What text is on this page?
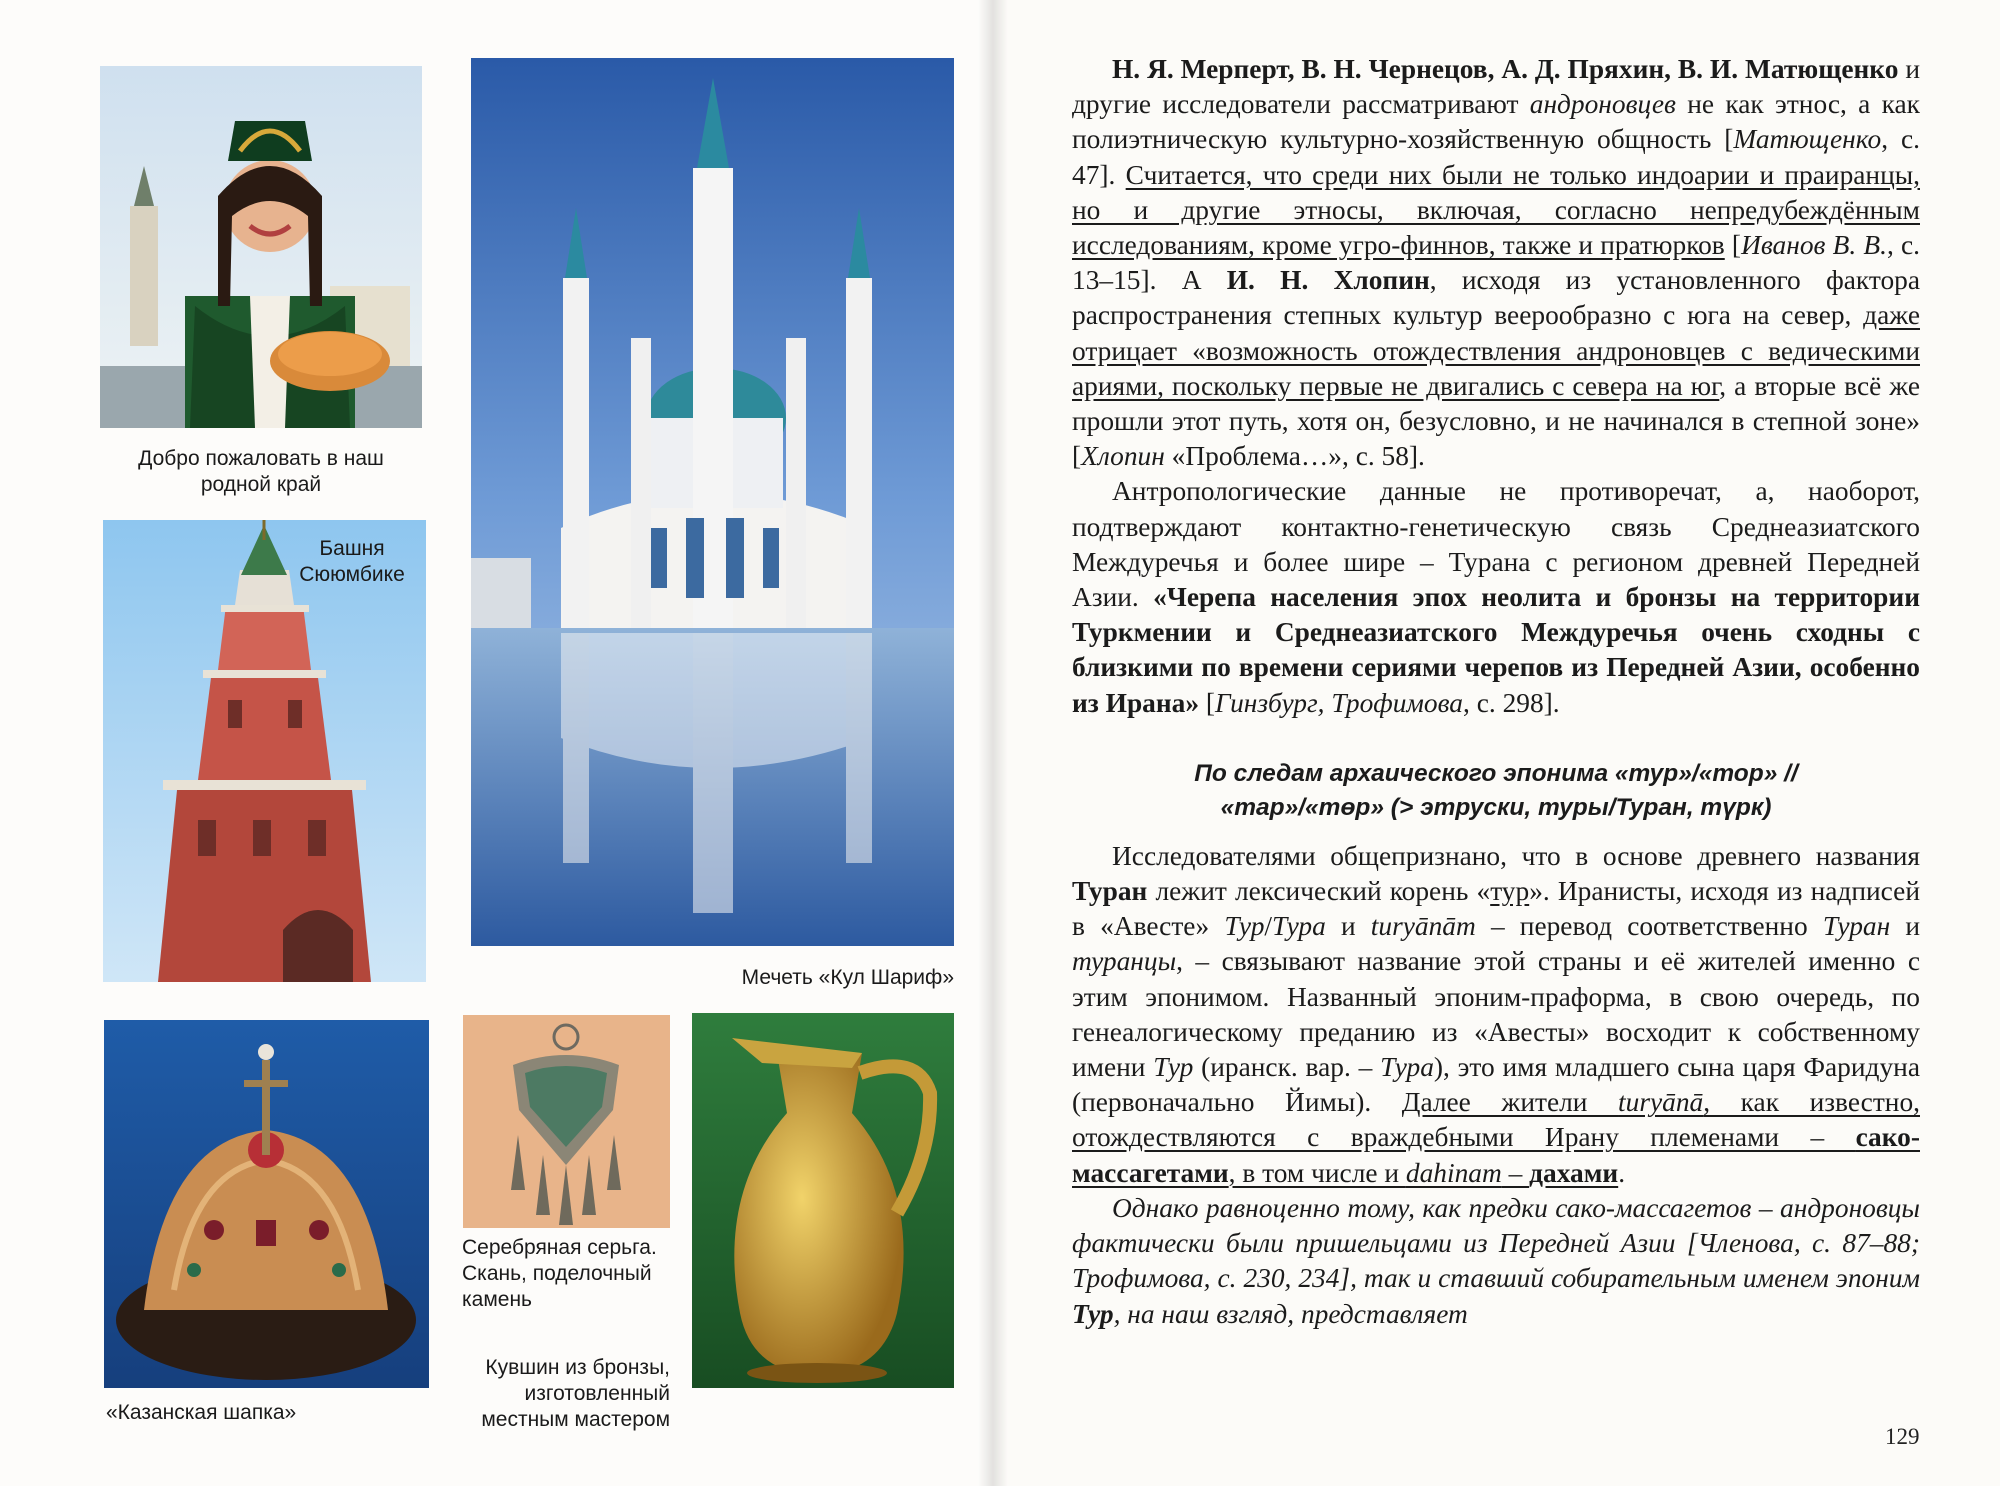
Добро пожаловать в наш родной край
Башня Сююмбике
Мечеть «Кул Шариф»
«Казанская шапка»
Серебряная серьга. Скань, поделочный камень
Кувшин из бронзы, изготовленный местным мастером

Н. Я. Мерперт, В. Н. Чернецов, А. Д. Пряхин, В. И. Матющенко и другие исследователи рассматривают андроновцев не как этнос, а как полиэтническую культурно-хозяйственную общность [Матющенко, с. 47]. Считается, что среди них были не только индоарии и праиранцы, но и другие этносы, включая, согласно непредубеждённым исследованиям, кроме угро-финнов, также и пратюрков [Иванов В. В., с. 13–15]. А И. Н. Хлопин, исходя из установленного фактора распространения степных культур веерообразно с юга на север, даже отрицает «возможность отождествления андроновцев с ведическими ариями, поскольку первые не двигались с севера на юг, а вторые всё же прошли этот путь, хотя он, безусловно, и не начинался в степной зоне» [Хлопин «Проблема…», с. 58].

Антропологические данные не противоречат, а, наоборот, подтверждают контактно-генетическую связь Среднеазиатского Междуречья и более шире – Турана с регионом древней Передней Азии. «Черепа населения эпох неолита и бронзы на территории Туркмении и Среднеазиатского Междуречья очень сходны с близкими по времени сериями черепов из Передней Азии, особенно из Ирана» [Гинзбург, Трофимова, с. 298].

По следам архаического эпонима «тур»/«тор» //
«тар»/«төр» (> этруски, туры/Туран, түрк)

Исследователями общепризнано, что в основе древнего названия Туран лежит лексический корень «тур». Иранисты, исходя из надписей в «Авесте» Тур/Тура и turyānām – перевод соответственно Туран и туранцы, – связывают название этой страны и её жителей именно с этим эпонимом. Названный эпоним-праформа, в свою очередь, по генеалогическому преданию из «Авесты» восходит к собственному имени Тур (иранск. вар. – Тура), это имя младшего сына царя Фаридуна (первоначально Йимы). Далее жители turyānā, как известно, отождествляются с враждебными Ирану племенами – сако-массагетами, в том числе и dahinam – дахами.

Однако равноценно тому, как предки сако-массагетов – андроновцы фактически были пришельцами из Передней Азии [Членова, с. 87–88; Трофимова, с. 230, 234], так и ставший собирательным именем эпоним Тур, на наш взгляд, представляет

129
